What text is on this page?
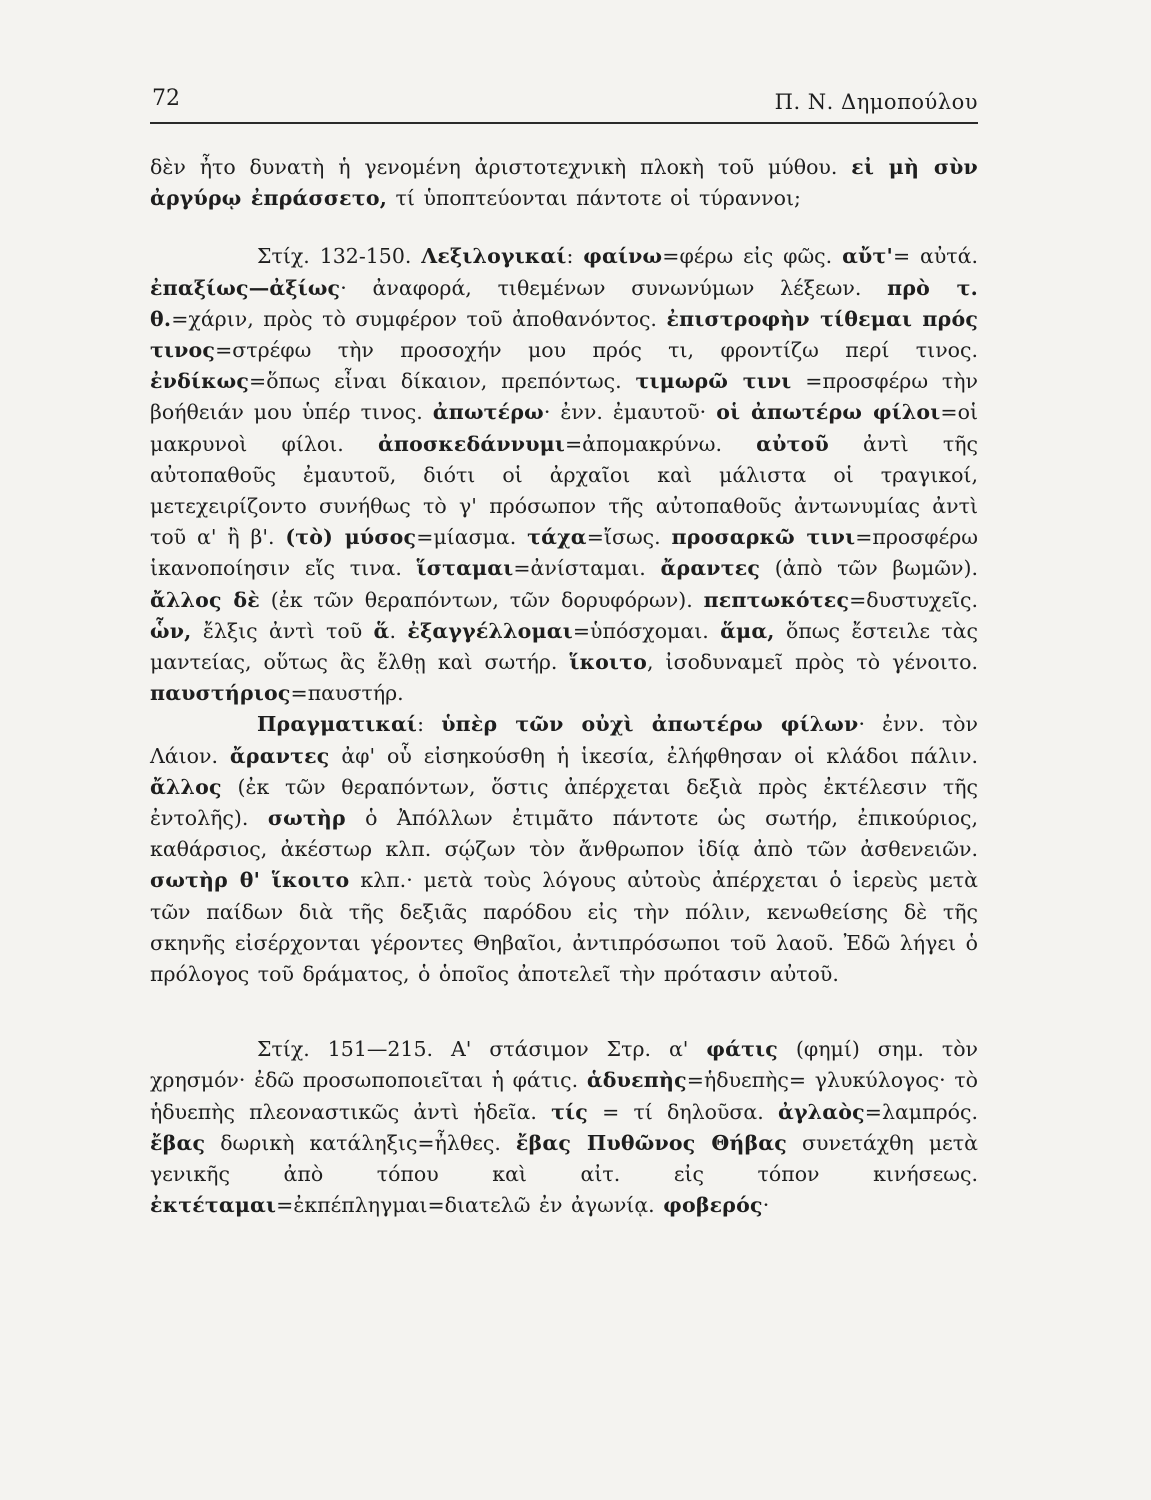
72	Π. Ν. Δημοπούλου

δὲν ἦτο δυνατὴ ἡ γενομένη ἀριστοτεχνικὴ πλοκὴ τοῦ μύθου. εἰ μὴ σὺν ἀργύρῳ ἐπράσσετο, τί ὑποπτεύονται πάντοτε οἱ τύραννοι;

Στίχ. 132-150. Λεξιλογικαί: φαίνω=φέρω εἰς φῶς. αὔτ'= αὐτά. ἐπαξίως—ἀξίως· ἀναφορά, τιθεμένων συνωνύμων λέξεων. πρὸ τ. θ.=χάριν, πρὸς τὸ συμφέρον τοῦ ἀποθανόντος. ἐπιστροφὴν τίθεμαι πρός τινος=στρέφω τὴν προσοχήν μου πρός τι, φροντίζω περί τινος. ἐνδίκως=ὅπως εἶναι δίκαιον, πρεπόντως. τιμωρῶ τινι =προσφέρω τὴν βοήθειάν μου ὑπέρ τινος. ἀπωτέρω· ἐνν. ἐμαυτοῦ· οἱ ἀπωτέρω φίλοι=οἱ μακρυνοὶ φίλοι. ἀποσκεδάννυμι=ἀπομακρύνω. αὐτοῦ ἀντὶ τῆς αὐτοπαθοῦς ἐμαυτοῦ, διότι οἱ ἀρχαῖοι καὶ μάλιστα οἱ τραγικοί, μετεχειρίζοντο συνήθως τὸ γ' πρόσωπον τῆς αὐτοπαθοῦς ἀντωνυμίας ἀντὶ τοῦ α' ἢ β'. (τὸ) μύσος=μίασμα. τάχα=ἴσως. προσαρκῶ τινι=προσφέρω ἱκανοποίησιν εἴς τινα. ἵσταμαι=ἀνίσταμαι. ἄραντες (ἀπὸ τῶν βωμῶν). ἄλλος δὲ (ἐκ τῶν θεραπόντων, τῶν δορυφόρων). πεπτωκότες=δυστυχεῖς. ὧν, ἔλξις ἀντὶ τοῦ ἅ. ἐξαγγέλλομαι=ὑπόσχομαι. ἅμα, ὅπως ἔστειλε τὰς μαντείας, οὕτως ἂς ἔλθῃ καὶ σωτήρ. ἵκοιτο, ἰσοδυναμεῖ πρὸς τὸ γένοιτο. παυστήριος=παυστήρ.

Πραγματικαί: ὑπὲρ τῶν οὐχὶ ἀπωτέρω φίλων· ἐνν. τὸν Λάιον. ἄραντες ἀφ' οὗ εἰσηκούσθη ἡ ἱκεσία, ἐλήφθησαν οἱ κλάδοι πάλιν. ἄλλος (ἐκ τῶν θεραπόντων, ὅστις ἀπέρχεται δεξιὰ πρὸς ἐκτέλεσιν τῆς ἐντολῆς). σωτὴρ ὁ Ἀπόλλων ἐτιμᾶτο πάντοτε ὡς σωτήρ, ἐπικούριος, καθάρσιος, ἀκέστωρ κλπ. σῴζων τὸν ἄνθρωπον ἰδίᾳ ἀπὸ τῶν ἀσθενειῶν. σωτὴρ θ' ἵκοιτο κλπ.· μετὰ τοὺς λόγους αὐτοὺς ἀπέρχεται ὁ ἱερεὺς μετὰ τῶν παίδων διὰ τῆς δεξιᾶς παρόδου εἰς τὴν πόλιν, κενωθείσης δὲ τῆς σκηνῆς εἰσέρχονται γέροντες Θηβαῖοι, ἀντιπρόσωποι τοῦ λαοῦ. Ἐδῶ λήγει ὁ πρόλογος τοῦ δράματος, ὁ ὁποῖος ἀποτελεῖ τὴν πρότασιν αὐτοῦ.

Στίχ. 151—215. Α' στάσιμον Στρ. α' φάτις (φημί) σημ. τὸν χρησμόν· ἐδῶ προσωποποιεῖται ἡ φάτις. ἁδυεπὴς=ἡδυεπὴς= γλυκύλογος· τὸ ἡδυεπὴς πλεοναστικῶς ἀντὶ ἡδεῖα. τίς = τί δηλοῦσα. ἀγλαὸς=λαμπρός. ἔβας δωρικὴ κατάληξις=ἦλθες. ἔβας Πυθῶνος Θήβας συνετάχθη μετὰ γενικῆς ἀπὸ τόπου καὶ αἰτ. εἰς τόπον κινήσεως. ἐκτέταμαι=ἐκπέπληγμαι=διατελῶ ἐν ἀγωνίᾳ. φοβερός·
